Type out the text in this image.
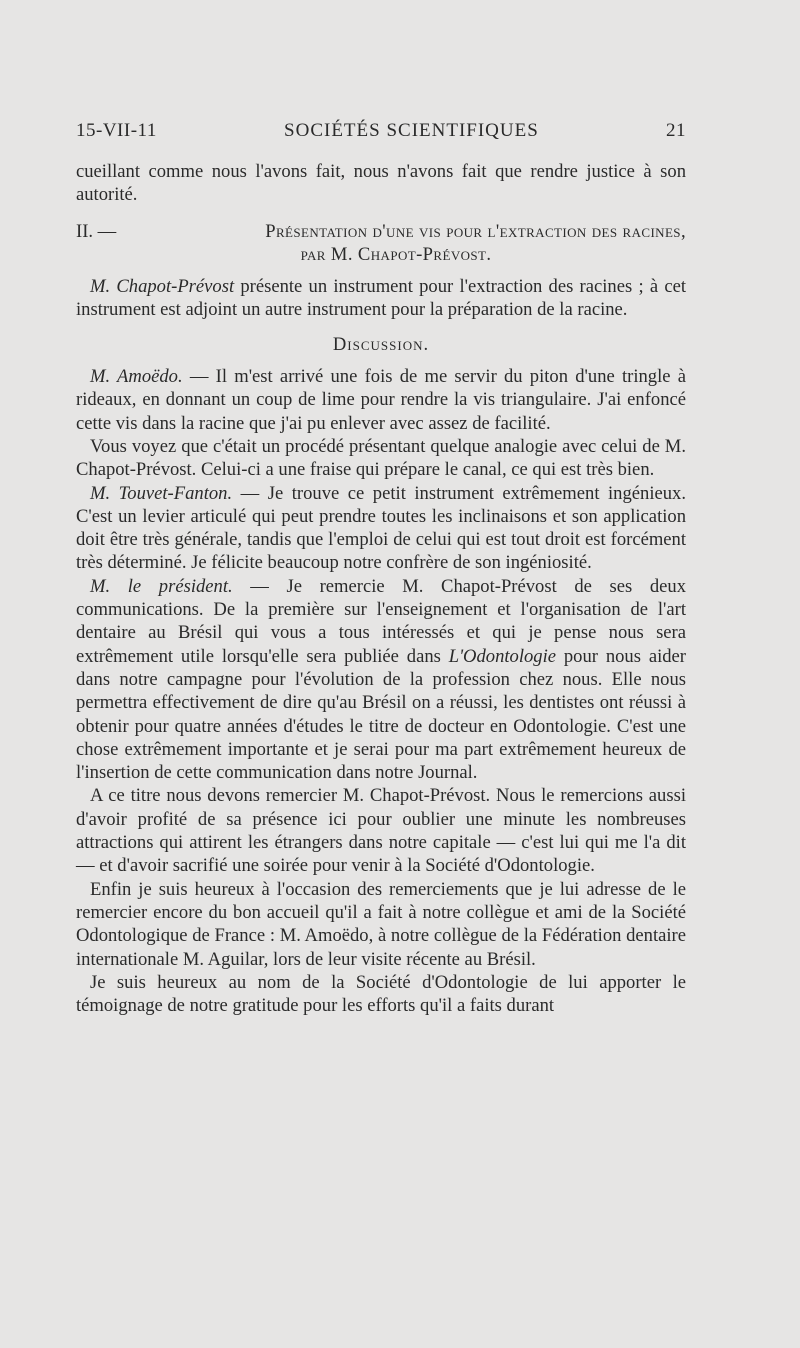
15-VII-11	SOCIÉTÉS SCIENTIFIQUES	21

cueillant comme nous l'avons fait, nous n'avons fait que rendre justice à son autorité.

II. —	Présentation d'une vis pour l'extraction des racines,
par M. Chapot-Prévost.

M. Chapot-Prévost présente un instrument pour l'extraction des racines ; à cet instrument est adjoint un autre instrument pour la préparation de la racine.

Discussion.

M. Amoëdo. — Il m'est arrivé une fois de me servir du piton d'une tringle à rideaux, en donnant un coup de lime pour rendre la vis triangulaire. J'ai enfoncé cette vis dans la racine que j'ai pu enlever avec assez de facilité.

Vous voyez que c'était un procédé présentant quelque analogie avec celui de M. Chapot-Prévost. Celui-ci a une fraise qui prépare le canal, ce qui est très bien.

M. Touvet-Fanton. — Je trouve ce petit instrument extrêmement ingénieux. C'est un levier articulé qui peut prendre toutes les inclinaisons et son application doit être très générale, tandis que l'emploi de celui qui est tout droit est forcément très déterminé. Je félicite beaucoup notre confrère de son ingéniosité.

M. le président. — Je remercie M. Chapot-Prévost de ses deux communications. De la première sur l'enseignement et l'organisation de l'art dentaire au Brésil qui vous a tous intéressés et qui je pense nous sera extrêmement utile lorsqu'elle sera publiée dans L'Odontologie pour nous aider dans notre campagne pour l'évolution de la profession chez nous. Elle nous permettra effectivement de dire qu'au Brésil on a réussi, les dentistes ont réussi à obtenir pour quatre années d'études le titre de docteur en Odontologie. C'est une chose extrêmement importante et je serai pour ma part extrêmement heureux de l'insertion de cette communication dans notre Journal.

A ce titre nous devons remercier M. Chapot-Prévost. Nous le remercions aussi d'avoir profité de sa présence ici pour oublier une minute les nombreuses attractions qui attirent les étrangers dans notre capitale — c'est lui qui me l'a dit — et d'avoir sacrifié une soirée pour venir à la Société d'Odontologie.

Enfin je suis heureux à l'occasion des remerciements que je lui adresse de le remercier encore du bon accueil qu'il a fait à notre collègue et ami de la Société Odontologique de France : M. Amoëdo, à notre collègue de la Fédération dentaire internationale M. Aguilar, lors de leur visite récente au Brésil.

Je suis heureux au nom de la Société d'Odontologie de lui apporter le témoignage de notre gratitude pour les efforts qu'il a faits durant
